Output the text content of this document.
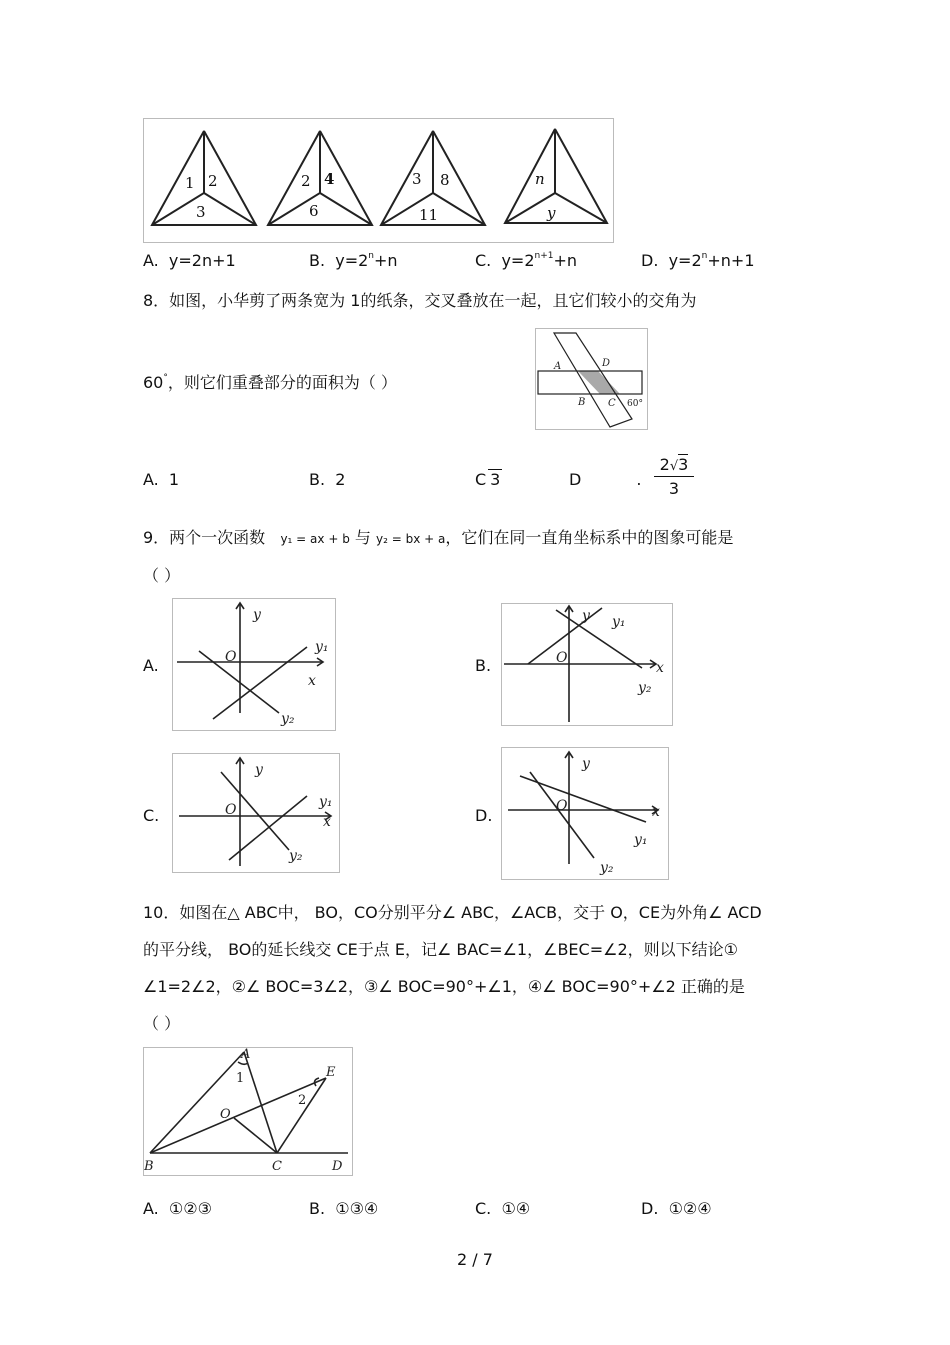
1 2
3
2 4
6
3 8
11
n
y
A. y=2n+1	B. $y=2^n+n$	C. $y=2^{n+1}+n$	D. $y=2^n+n+1$
8．如图，小华剪了两条宽为 1的纸条，交叉叠放在一起，且它们较小的交角为
60°，则它们重叠部分的面积为（ ）
A	D
B C 60°
A. 1	B. 2	C 3	D	. $\frac{2√3}{3}$
9．两个一次函数 y₁ = ax + b 与 y₂ = bx + a，它们在同一直角坐标系中的图象可能是
（ ）
A.
y
x
O
y₁
y₂
B.
y
x
O
y₁
y₂
C.
y
x
O	y₁
y₂
D.
y
x
O
y₁
y₂
10．如图在△ ABC中， BO，CO分别平分∠ ABC，∠ACB，交于 O，CE为外角∠ ACD
的平分线， BO的延长线交 CE于点 E，记∠ BAC=∠1，∠BEC=∠2，则以下结论①
∠1=2∠2，②∠ BOC=3∠2，③∠ BOC=90°+∠1，④∠ BOC=90°+∠2 正确的是
（ ）
A
1
O
2
E
B	C	D
A. ①②③	B. ①③④	C. ①④	D. ①②④
2 / 7
